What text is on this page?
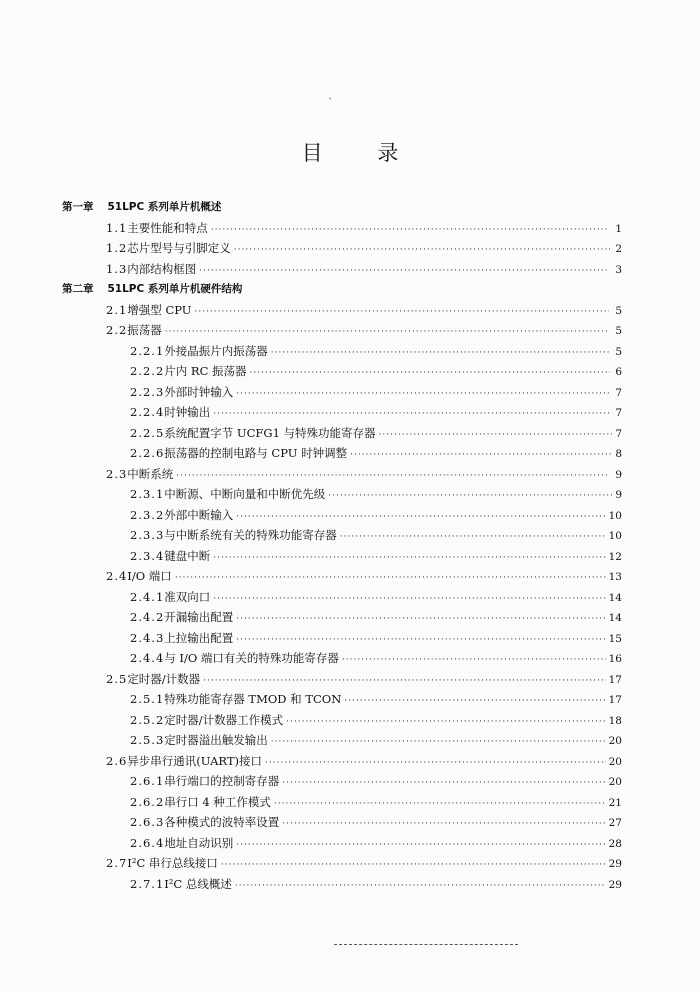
ˋ
目 录
第一章 51LPC 系列单片机概述
1.1 主要性能和特点 ·····	1
1.2 芯片型号与引脚定义 ·····	2
1.3 内部结构框图 ·····	3
第二章 51LPC 系列单片机硬件结构
2.1 增强型 CPU ·····	5
2.2 振荡器 ·····	5
2.2.1 外接晶振片内振荡器 ·····	5
2.2.2 片内 RC 振荡器 ·····	6
2.2.3 外部时钟输入 ·····	7
2.2.4 时钟输出 ·····	7
2.2.5 系统配置字节 UCFG1 与特殊功能寄存器 ·····	7
2.2.6 振荡器的控制电路与 CPU 时钟调整 ·····	8
2.3 中断系统 ·····	9
2.3.1 中断源、中断向量和中断优先级 ·····	9
2.3.2 外部中断输入 ·····	10
2.3.3 与中断系统有关的特殊功能寄存器 ·····	10
2.3.4 键盘中断 ·····	12
2.4 I/O 端口 ·····	13
2.4.1 准双向口 ·····	14
2.4.2 开漏输出配置 ·····	14
2.4.3 上拉输出配置 ·····	15
2.4.4 与 I/O 端口有关的特殊功能寄存器 ·····	16
2.5 定时器/计数器 ·····	17
2.5.1 特殊功能寄存器 TMOD 和 TCON ·····	17
2.5.2 定时器/计数器工作模式 ·····	18
2.5.3 定时器溢出触发输出 ·····	20
2.6 异步串行通讯(UART)接口 ·····	20
2.6.1 串行端口的控制寄存器 ·····	20
2.6.2 串行口 4 种工作模式 ·····	21
2.6.3 各种模式的波特率设置 ·····	27
2.6.4 地址自动识别 ·····	28
2.7 I²C 串行总线接口 ·····	29
2.7.1 I²C 总线概述 ·····	29
